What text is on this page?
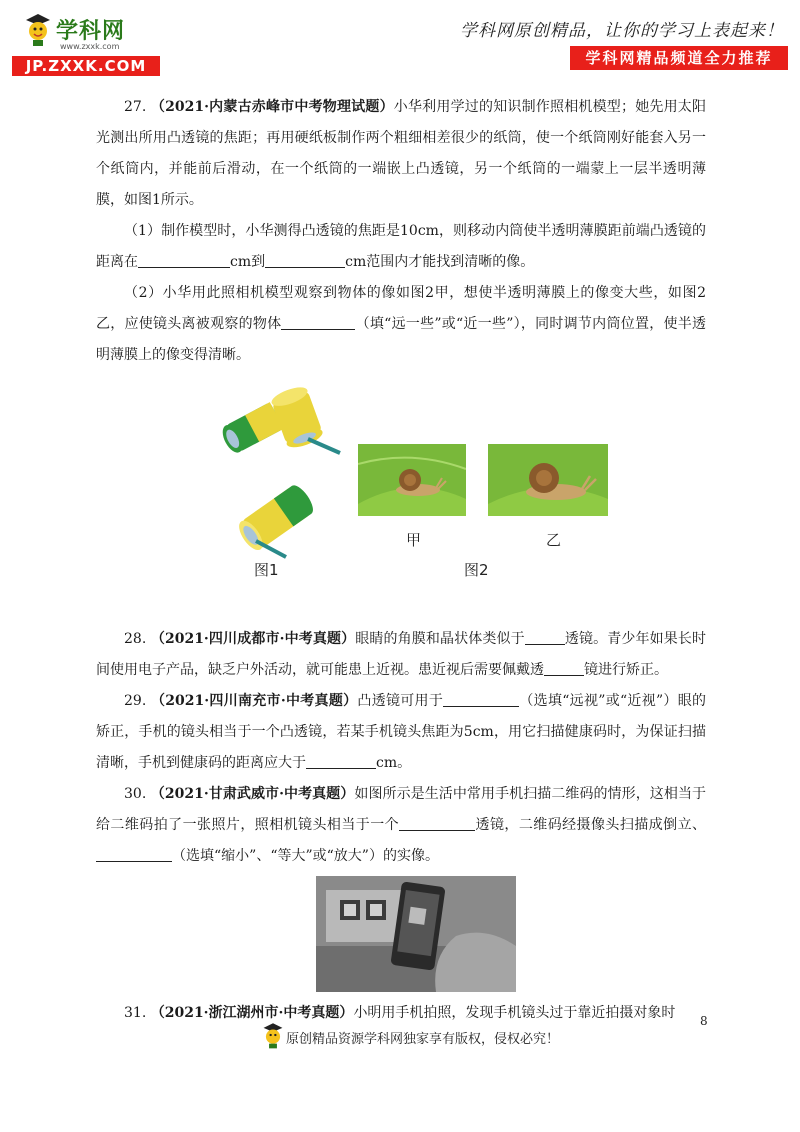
学科网
www.zxxk.com
JP.ZXXK.COM
学科网原创精品，让你的学习上表起来！
学科网精品频道全力推荐

27. （2021·内蒙古赤峰市中考物理试题）小华利用学过的知识制作照相机模型；她先用太阳光测出所用凸透镜的焦距；再用硬纸板制作两个粗细相差很少的纸筒，使一个纸筒刚好能套入另一个纸筒内，并能前后滑动，在一个纸筒的一端嵌上凸透镜，另一个纸筒的一端蒙上一层半透明薄膜，如图1所示。

（1）制作模型时，小华测得凸透镜的焦距是10cm，则移动内筒使半透明薄膜距前端凸透镜的距离在	cm到	cm范围内才能找到清晰的像。

（2）小华用此照相机模型观察到物体的像如图2甲，想使半透明薄膜上的像变大些，如图2乙，应使镜头离被观察的物体	（填“远一些”或“近一些”），同时调节内筒位置，使半透明薄膜上的像变得清晰。

甲	乙
图1	图2

28. （2021·四川成都市·中考真题）眼睛的角膜和晶状体类似于	透镜。青少年如果长时间使用电子产品，缺乏户外活动，就可能患上近视。患近视后需要佩戴透	镜进行矫正。

29. （2021·四川南充市·中考真题）凸透镜可用于	（选填“远视”或“近视”）眼的矫正，手机的镜头相当于一个凸透镜，若某手机镜头焦距为5cm，用它扫描健康码时，为保证扫描清晰，手机到健康码的距离应大于	cm。

30. （2021·甘肃武威市·中考真题）如图所示是生活中常用手机扫描二维码的情形，这相当于给二维码拍了一张照片，照相机镜头相当于一个	透镜，二维码经摄像头扫描成倒立、（选填“缩小”、“等大”或“放大”）的实像。

31. （2021·浙江湖州市·中考真题）小明用手机拍照，发现手机镜头过于靠近拍摄对象时	8
原创精品资源学科网独家享有版权，侵权必究！
